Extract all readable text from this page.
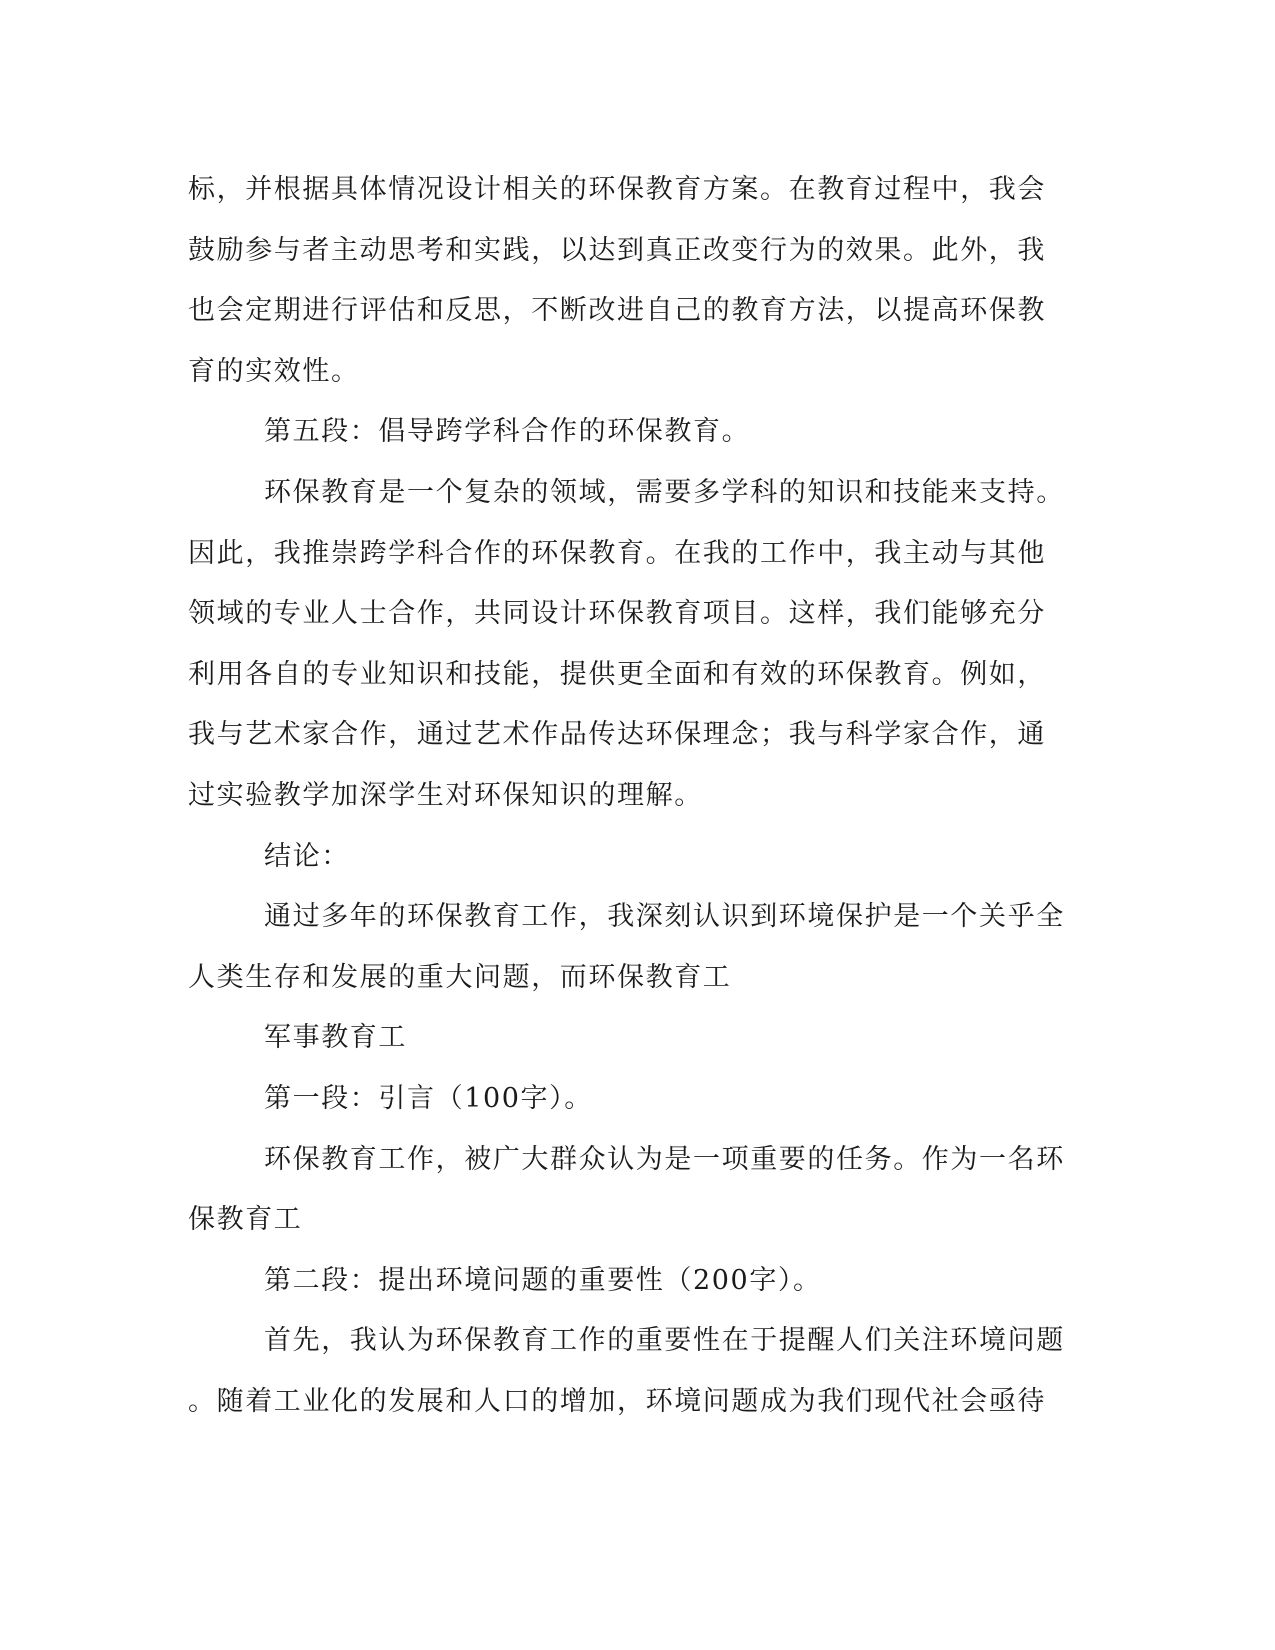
标，并根据具体情况设计相关的环保教育方案。在教育过程中，我会
鼓励参与者主动思考和实践，以达到真正改变行为的效果。此外，我
也会定期进行评估和反思，不断改进自己的教育方法，以提高环保教
育的实效性。
第五段：倡导跨学科合作的环保教育。
环保教育是一个复杂的领域，需要多学科的知识和技能来支持。
因此，我推崇跨学科合作的环保教育。在我的工作中，我主动与其他
领域的专业人士合作，共同设计环保教育项目。这样，我们能够充分
利用各自的专业知识和技能，提供更全面和有效的环保教育。例如，
我与艺术家合作，通过艺术作品传达环保理念；我与科学家合作，通
过实验教学加深学生对环保知识的理解。
结论：
通过多年的环保教育工作，我深刻认识到环境保护是一个关乎全
人类生存和发展的重大问题，而环保教育工
军事教育工
第一段：引言（100字）。
环保教育工作，被广大群众认为是一项重要的任务。作为一名环
保教育工
第二段：提出环境问题的重要性（200字）。
首先，我认为环保教育工作的重要性在于提醒人们关注环境问题
。随着工业化的发展和人口的增加，环境问题成为我们现代社会亟待
